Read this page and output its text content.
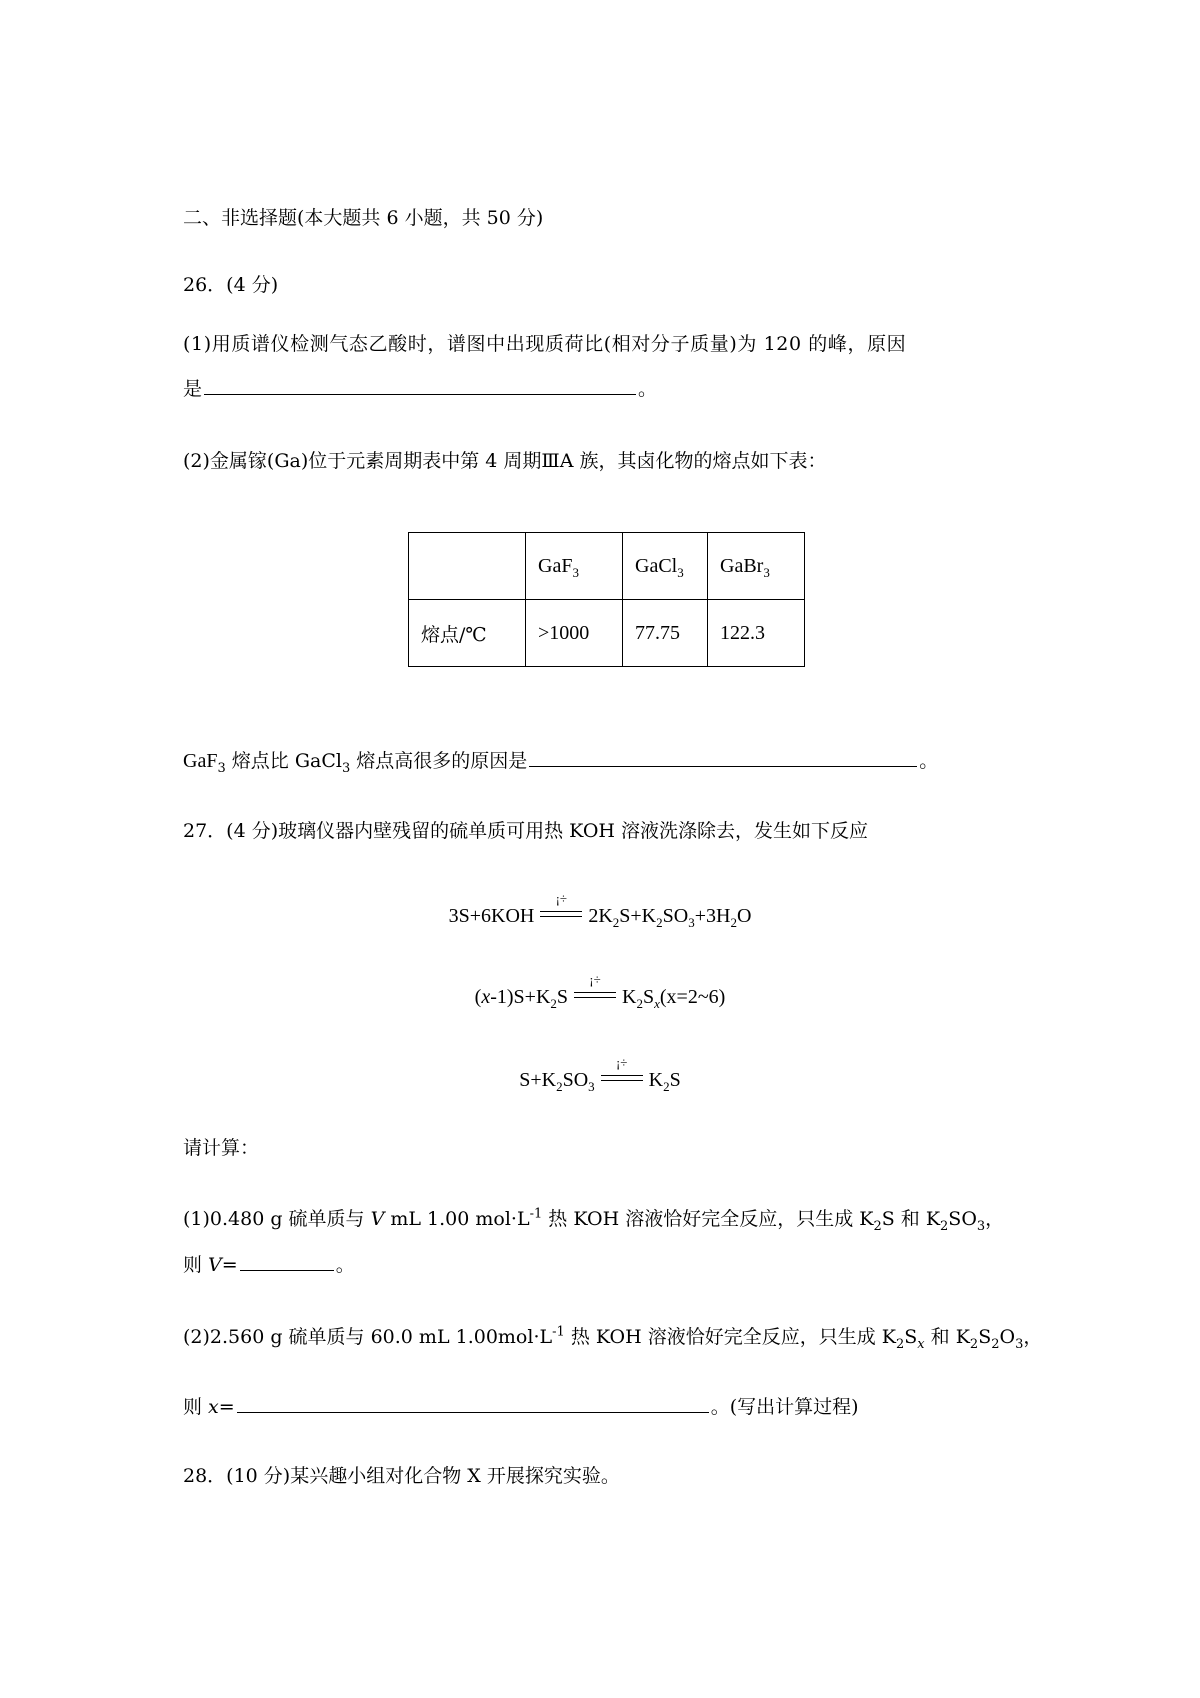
二、非选择题(本大题共 6 小题，共 50 分)
26．(4 分)
(1)用质谱仪检测气态乙酸时，谱图中出现质荷比(相对分子质量)为 120 的峰，原因
是	。
(2)金属镓(Ga)位于元素周期表中第 4 周期ⅢA 族，其卤化物的熔点如下表：
	GaF$_3$	GaCl$_3$	GaBr$_3$
熔点/℃	>1000	77.75	122.3
GaF$_3$ 熔点比 GaCl$_3$ 熔点高很多的原因是	。
27．(4 分)玻璃仪器内壁残留的硫单质可用热 KOH 溶液洗涤除去，发生如下反应
3S+6KOH
¡÷
$2K_2S+K_2SO_3+3H_2O$
$(x-1)S+K_2S$
¡÷
$K_2S_x(x=2\sim 6)$
$S+K_2SO_3$
¡÷
$K_2S$
请计算：
(1)0.480 g 硫单质与 V mL 1.00 $mol\cdot L^{-1}$ 热 KOH 溶液恰好完全反应，只生成 $K_2S$ 和 $K_2SO_3$，
则 V=	。
(2)2.560 g 硫单质与 60.0 mL $1.00mol\cdot L^{-1}$ 热 KOH 溶液恰好完全反应，只生成 $K_2S_x$ 和 $K_2S_2O_3$，
则 x=	。(写出计算过程)
28．(10 分)某兴趣小组对化合物 X 开展探究实验。
